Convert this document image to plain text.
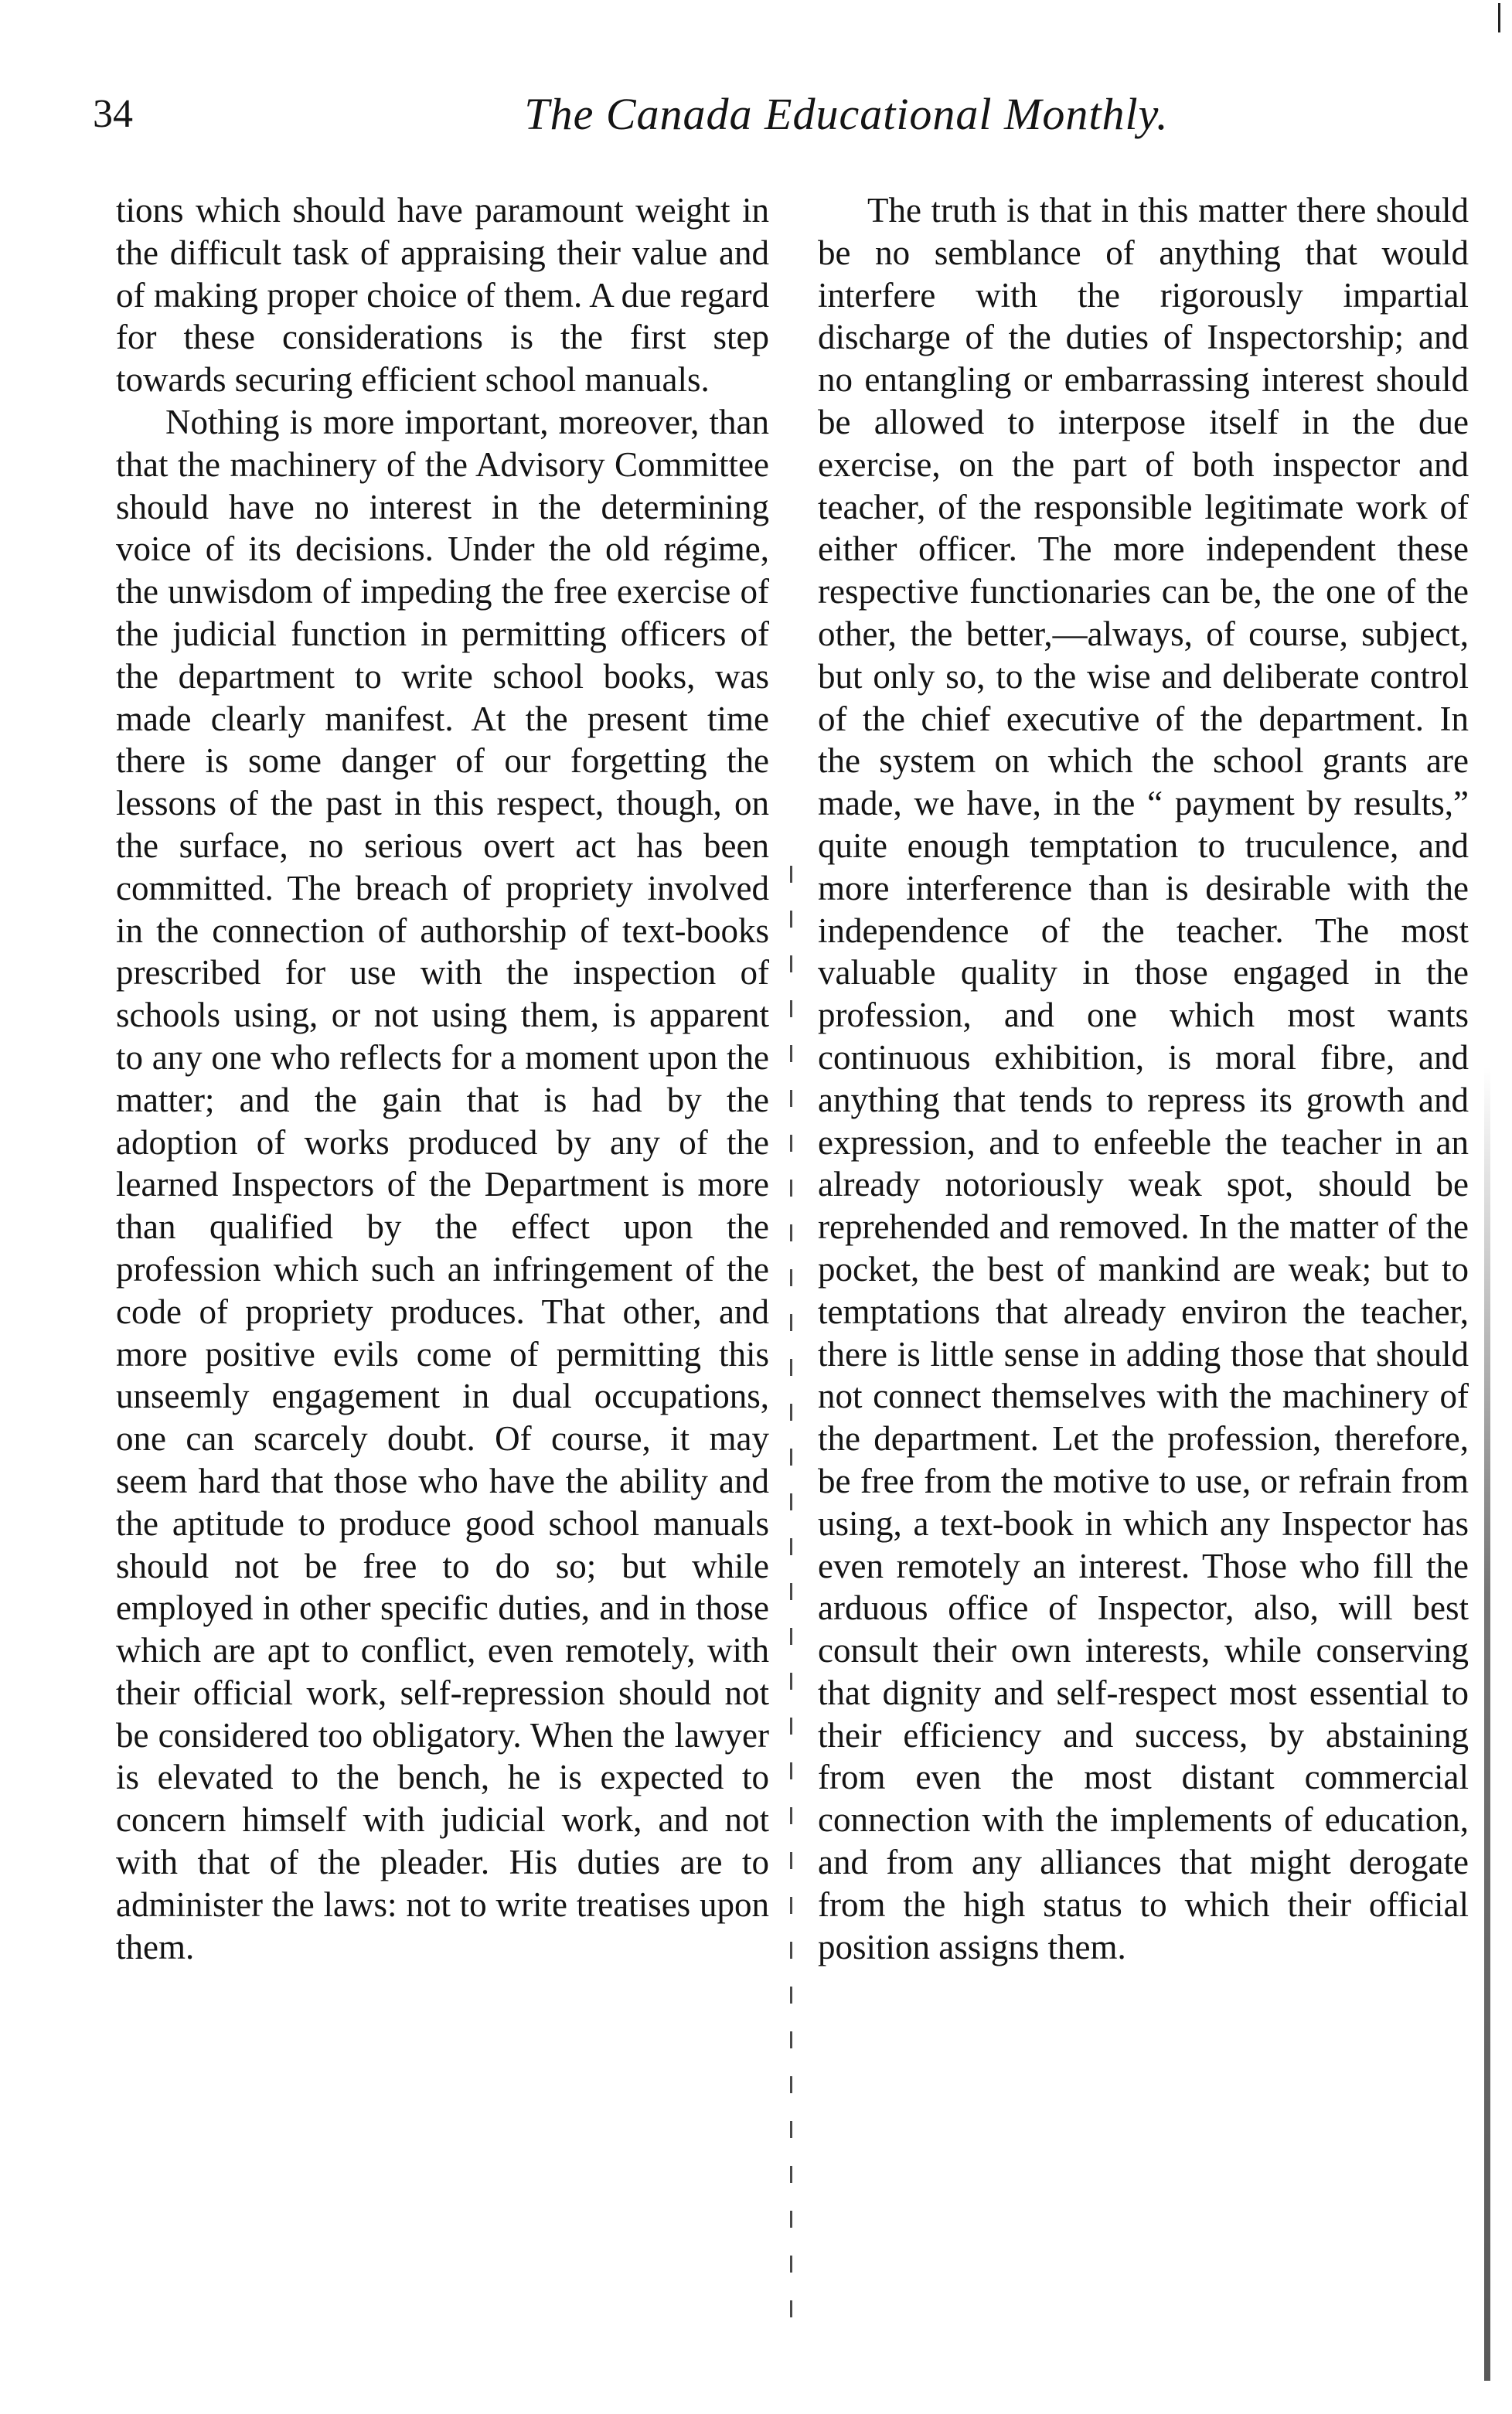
34	The Canada Educational Monthly.

tions which should have paramount weight in the difficult task of appraising their value and of making proper choice of them. A due regard for these considerations is the first step towards securing efficient school manuals.

Nothing is more important, moreover, than that the machinery of the Advisory Committee should have no interest in the determining voice of its decisions. Under the old régime, the unwisdom of impeding the free exercise of the judicial function in permitting officers of the department to write school books, was made clearly manifest. At the present time there is some danger of our forgetting the lessons of the past in this respect, though, on the surface, no serious overt act has been committed. The breach of propriety involved in the connection of authorship of text-books prescribed for use with the inspection of schools using, or not using them, is apparent to any one who reflects for a moment upon the matter; and the gain that is had by the adoption of works produced by any of the learned Inspectors of the Department is more than qualified by the effect upon the profession which such an infringement of the code of propriety produces. That other, and more positive evils come of permitting this unseemly engagement in dual occupations, one can scarcely doubt. Of course, it may seem hard that those who have the ability and the aptitude to produce good school manuals should not be free to do so; but while employed in other specific duties, and in those which are apt to conflict, even remotely, with their official work, self-repression should not be considered too obligatory. When the lawyer is elevated to the bench, he is expected to concern himself with judicial work, and not with that of the pleader. His duties are to administer the laws: not to write treatises upon them.

The truth is that in this matter there should be no semblance of anything that would interfere with the rigorously impartial discharge of the duties of Inspectorship; and no entangling or embarrassing interest should be allowed to interpose itself in the due exercise, on the part of both inspector and teacher, of the responsible legitimate work of either officer. The more independent these respective functionaries can be, the one of the other, the better,—always, of course, subject, but only so, to the wise and deliberate control of the chief executive of the department. In the system on which the school grants are made, we have, in the “ payment by results,” quite enough temptation to truculence, and more interference than is desirable with the independence of the teacher. The most valuable quality in those engaged in the profession, and one which most wants continuous exhibition, is moral fibre, and anything that tends to repress its growth and expression, and to enfeeble the teacher in an already notoriously weak spot, should be reprehended and removed. In the matter of the pocket, the best of mankind are weak; but to temptations that already environ the teacher, there is little sense in adding those that should not connect themselves with the machinery of the department. Let the profession, therefore, be free from the motive to use, or refrain from using, a text-book in which any Inspector has even remotely an interest. Those who fill the arduous office of Inspector, also, will best consult their own interests, while conserving that dignity and self-respect most essential to their efficiency and success, by abstaining from even the most distant commercial connection with the implements of education, and from any alliances that might derogate from the high status to which their official position assigns them.
